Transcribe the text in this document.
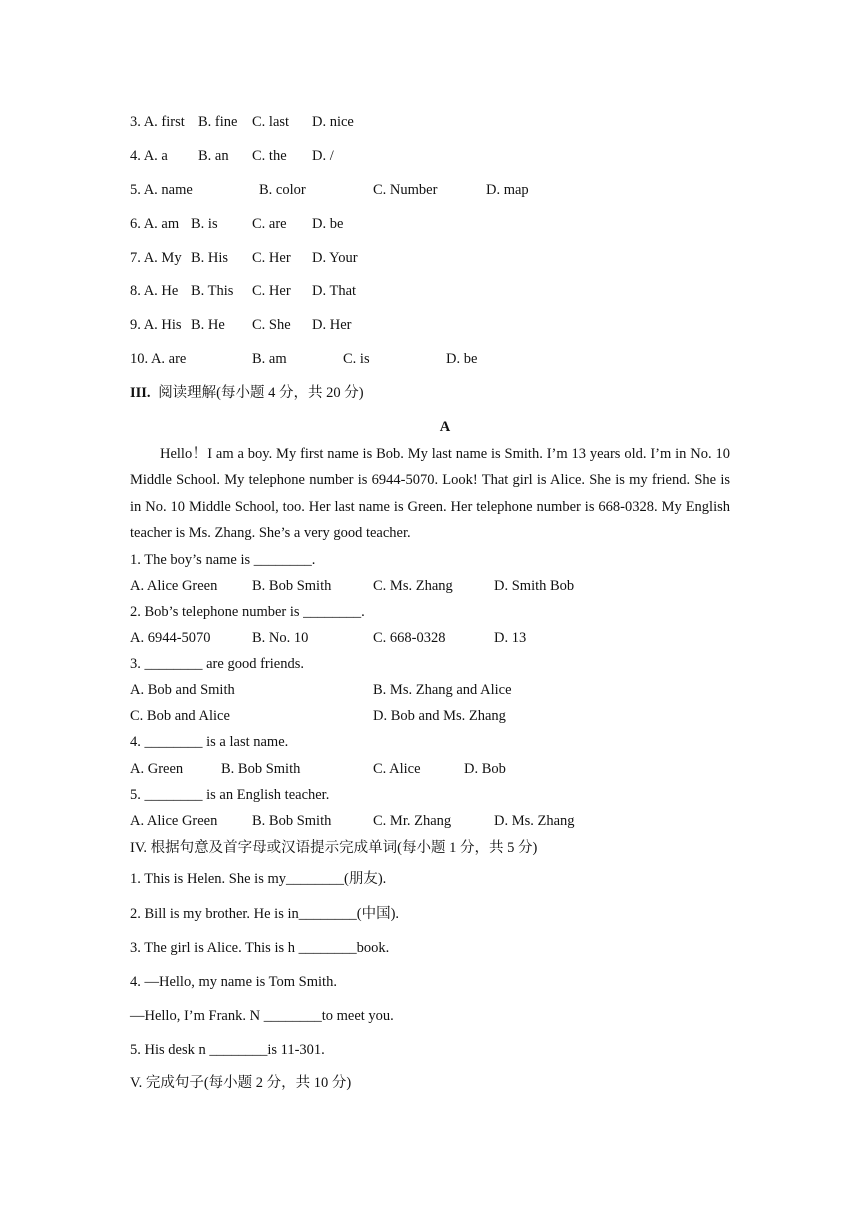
3. A. first B. fine C. last D. nice
4. A. a B. an C. the D. /
5. A. name	B. color	C. Number	D. map
6. A. am B. is C. are D. be
7. A. My B. His C. Her D. Your
8. A. He B. This C. Her D. That
9. A. His B. He C. She D. Her
10. A. are	B. am	C. is	D. be
III. 阅读理解(每小题 4 分，共 20 分)
A
Hello！I am a boy. My first name is Bob. My last name is Smith. I’m 13 years old. I’m in No. 10 Middle School. My telephone number is 6944-5070. Look! That girl is Alice. She is my friend. She is in No. 10 Middle School, too. Her last name is Green. Her telephone number is 668-0328. My English teacher is Ms. Zhang. She’s a very good teacher.
1. The boy’s name is ________.
A. Alice Green B. Bob Smith	C. Ms. Zhang	D. Smith Bob
2. Bob’s telephone number is ________.
A. 6944-5070	B. No. 10	C. 668-0328	D. 13
3. ________ are good friends.
A. Bob and Smith	B. Ms. Zhang and Alice
C. Bob and Alice	D. Bob and Ms. Zhang
4. ________ is a last name.
A. Green	B. Bob Smith	C. Alice	D. Bob
5. ________ is an English teacher.
A. Alice Green B. Bob Smith	C. Mr. Zhang	D. Ms. Zhang
IV. 根据句意及首字母或汉语提示完成单词(每小题 1 分，共 5 分)
1. This is Helen. She is my________(朋友).
2. Bill is my brother. He is in________(中国).
3. The girl is Alice. This is h ________book.
4. —Hello, my name is Tom Smith.
—Hello, I’m Frank. N ________to meet you.
5. His desk n ________is 11-301.
V. 完成句子(每小题 2 分，共 10 分)
